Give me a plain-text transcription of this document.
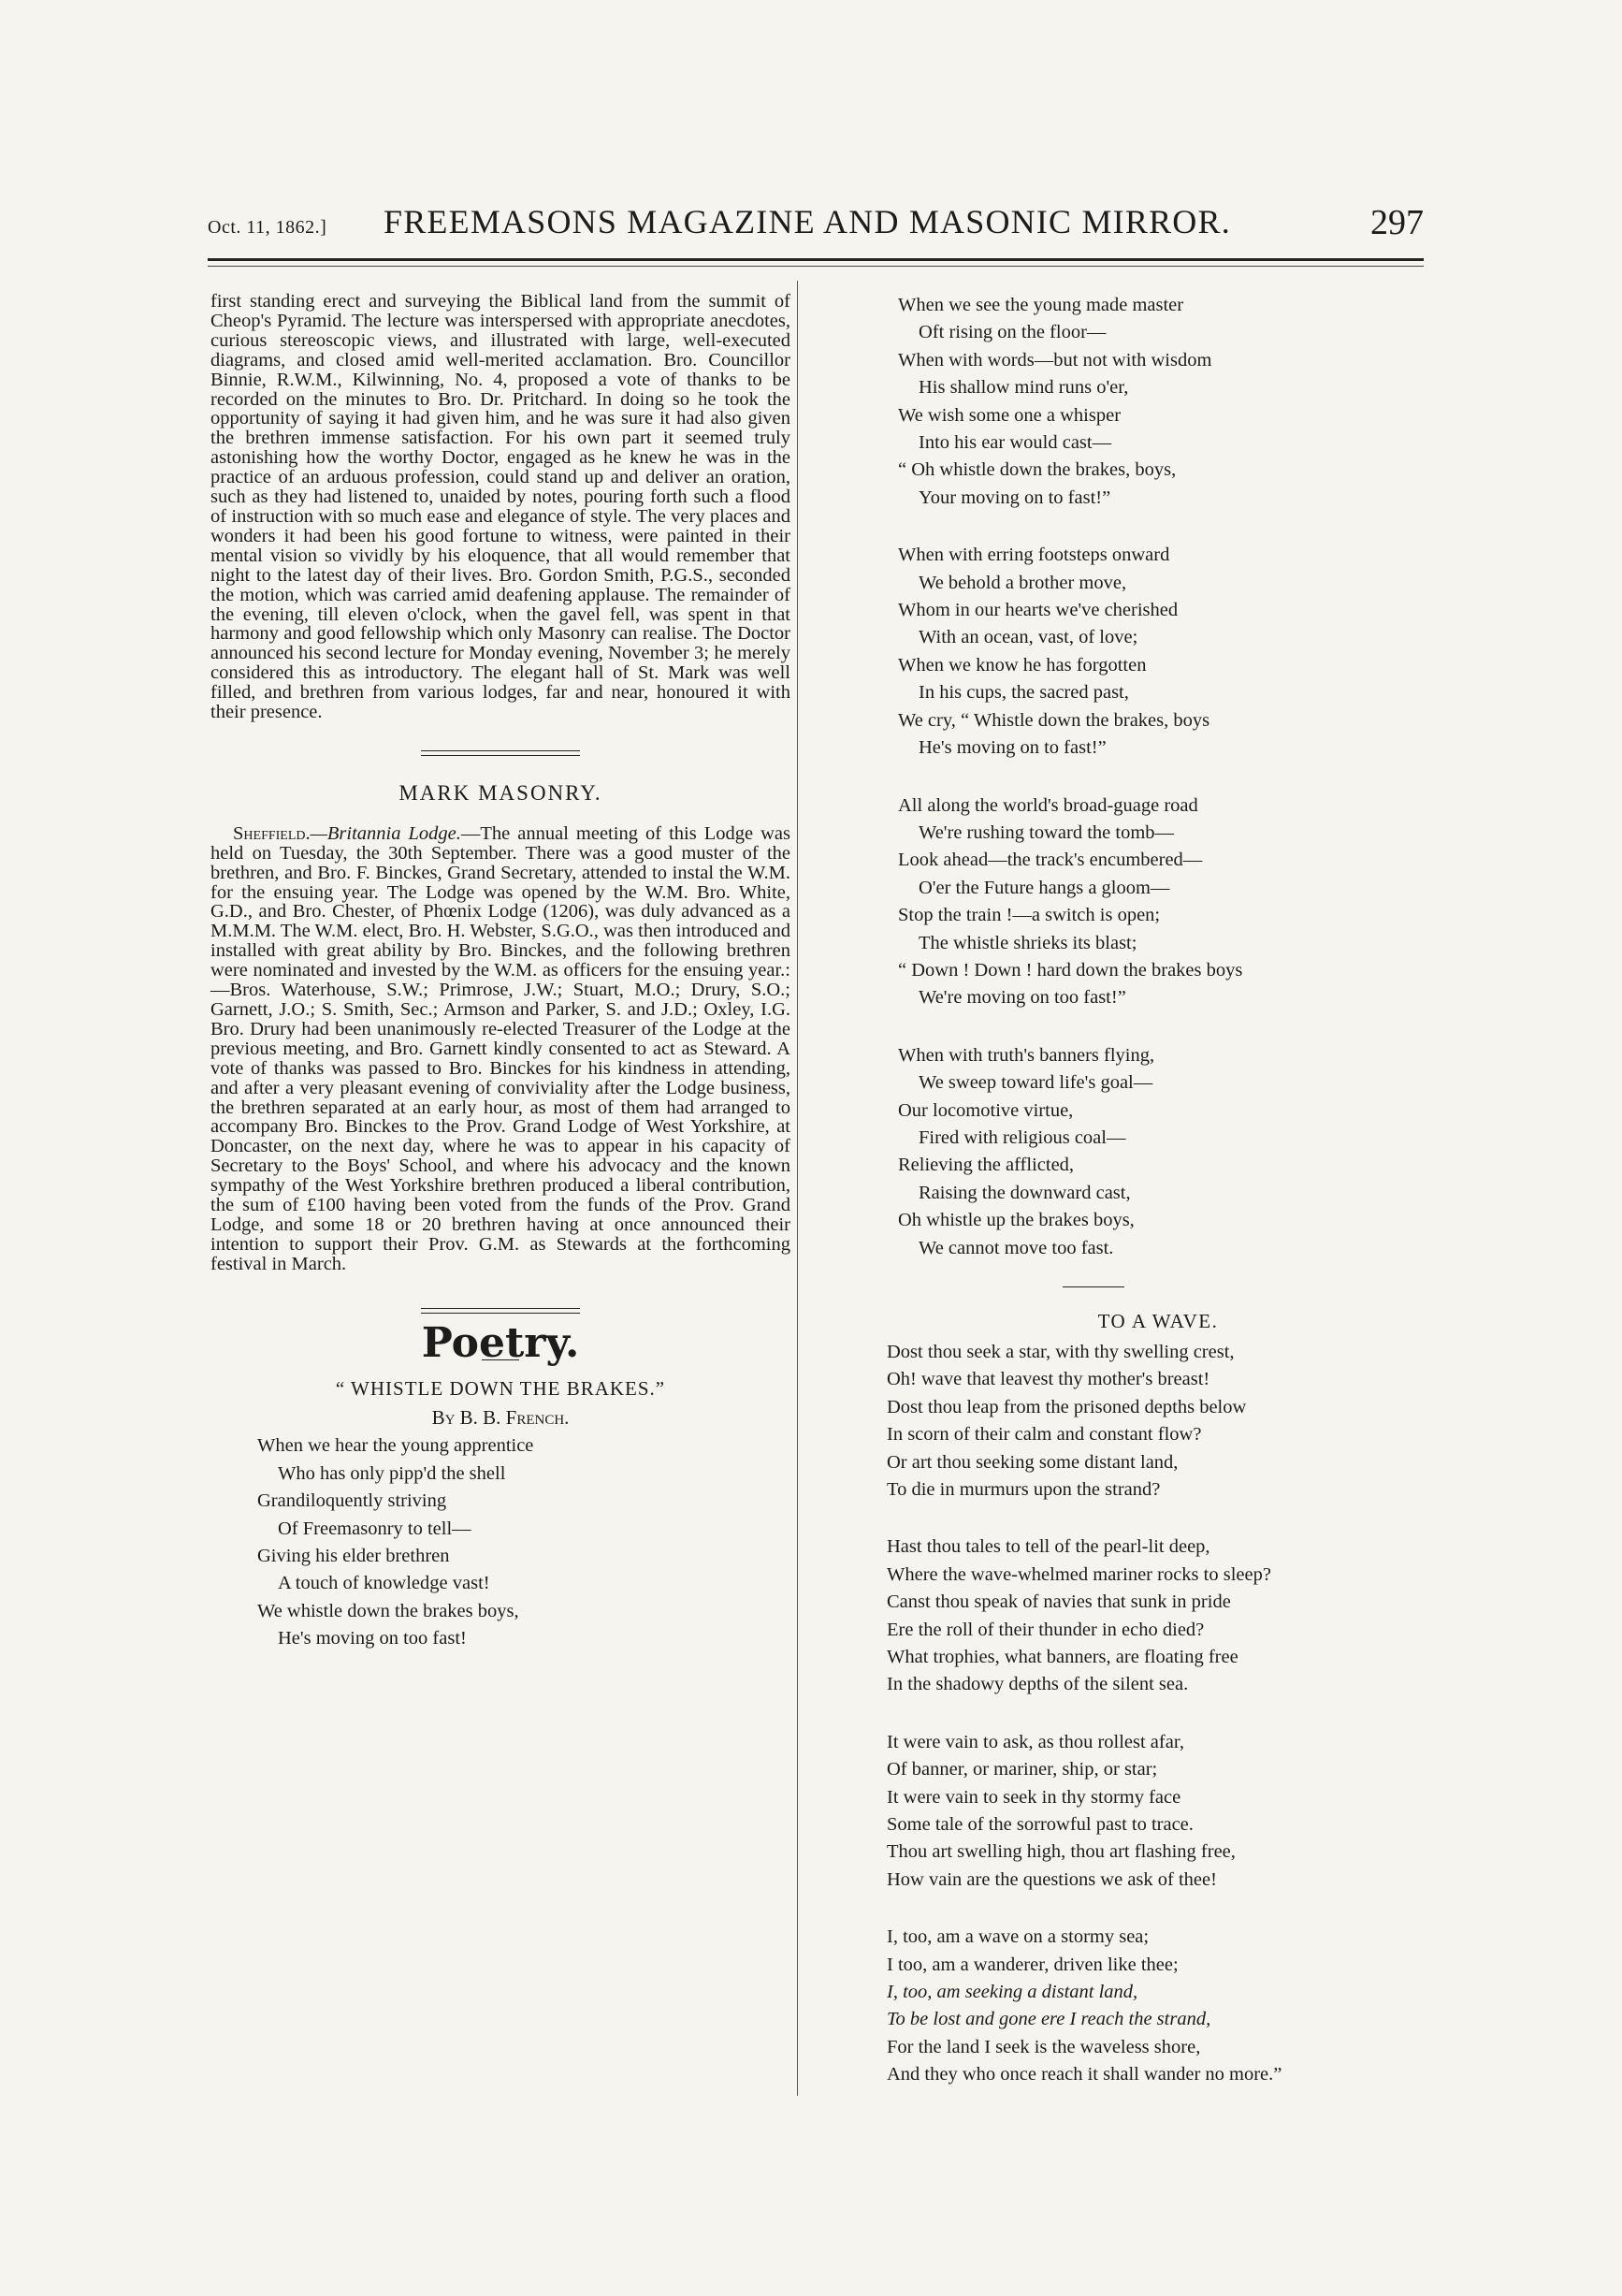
Oct. 11, 1862.] FREEMASONS MAGAZINE AND MASONIC MIRROR.	297

first standing erect and surveying the Biblical land from the summit of Cheop's Pyramid. The lecture was interspersed with appropriate anecdotes, curious stereoscopic views, and illustrated with large, well-executed diagrams, and closed amid well-merited acclamation. Bro. Councillor Binnie, R.W.M., Kilwinning, No. 4, proposed a vote of thanks to be recorded on the minutes to Bro. Dr. Pritchard. In doing so he took the opportunity of saying it had given him, and he was sure it had also given the brethren immense satisfaction. For his own part it seemed truly astonishing how the worthy Doctor, engaged as he knew he was in the practice of an arduous profession, could stand up and deliver an oration, such as they had listened to, unaided by notes, pouring forth such a flood of instruction with so much ease and elegance of style. The very places and wonders it had been his good fortune to witness, were painted in their mental vision so vividly by his eloquence, that all would remember that night to the latest day of their lives. Bro. Gordon Smith, P.G.S., seconded the motion, which was carried amid deafening applause. The remainder of the evening, till eleven o'clock, when the gavel fell, was spent in that harmony and good fellowship which only Masonry can realise. The Doctor announced his second lecture for Monday evening, November 3; he merely considered this as introductory. The elegant hall of St. Mark was well filled, and brethren from various lodges, far and near, honoured it with their presence.

MARK MASONRY.

Sheffield.—Britannia Lodge.—The annual meeting of this Lodge was held on Tuesday, the 30th September. There was a good muster of the brethren, and Bro. F. Binckes, Grand Secretary, attended to instal the W.M. for the ensuing year. The Lodge was opened by the W.M. Bro. White, G.D., and Bro. Chester, of Phœnix Lodge (1206), was duly advanced as a M.M.M. The W.M. elect, Bro. H. Webster, S.G.O., was then introduced and installed with great ability by Bro. Binckes, and the following brethren were nominated and invested by the W.M. as officers for the ensuing year.:—Bros. Waterhouse, S.W.; Primrose, J.W.; Stuart, M.O.; Drury, S.O.; Garnett, J.O.; S. Smith, Sec.; Armson and Parker, S. and J.D.; Oxley, I.G. Bro. Drury had been unanimously re-elected Treasurer of the Lodge at the previous meeting, and Bro. Garnett kindly consented to act as Steward. A vote of thanks was passed to Bro. Binckes for his kindness in attending, and after a very pleasant evening of conviviality after the Lodge business, the brethren separated at an early hour, as most of them had arranged to accompany Bro. Binckes to the Prov. Grand Lodge of West Yorkshire, at Doncaster, on the next day, where he was to appear in his capacity of Secretary to the Boys' School, and where his advocacy and the known sympathy of the West Yorkshire brethren produced a liberal contribution, the sum of £100 having been voted from the funds of the Prov. Grand Lodge, and some 18 or 20 brethren having at once announced their intention to support their Prov. G.M. as Stewards at the forthcoming festival in March.

Poetry.
“ WHISTLE DOWN THE BRAKES.”
By B. B. French.
When we hear the young apprentice
Who has only pipp'd the shell
Grandiloquently striving
Of Freemasonry to tell—
Giving his elder brethren
A touch of knowledge vast!
We whistle down the brakes boys,
He's moving on too fast!
When we see the young made master
Oft rising on the floor—
When with words—but not with wisdom
His shallow mind runs o'er,
We wish some one a whisper
Into his ear would cast—
“ Oh whistle down the brakes, boys,
Your moving on to fast!”
When with erring footsteps onward
We behold a brother move,
Whom in our hearts we've cherished
With an ocean, vast, of love;
When we know he has forgotten
In his cups, the sacred past,
We cry, “ Whistle down the brakes, boys
He's moving on to fast!”
All along the world's broad-guage road
We're rushing toward the tomb—
Look ahead—the track's encumbered—
O'er the Future hangs a gloom—
Stop the train !—a switch is open;
The whistle shrieks its blast;
“ Down ! Down ! hard down the brakes boys
We're moving on too fast!”
When with truth's banners flying,
We sweep toward life's goal—
Our locomotive virtue,
Fired with religious coal—
Relieving the afflicted,
Raising the downward cast,
Oh whistle up the brakes boys,
We cannot move too fast.
TO A WAVE.
Dost thou seek a star, with thy swelling crest,
Oh! wave that leavest thy mother's breast!
Dost thou leap from the prisoned depths below
In scorn of their calm and constant flow?
Or art thou seeking some distant land,
To die in murmurs upon the strand?
Hast thou tales to tell of the pearl-lit deep,
Where the wave-whelmed mariner rocks to sleep?
Canst thou speak of navies that sunk in pride
Ere the roll of their thunder in echo died?
What trophies, what banners, are floating free
In the shadowy depths of the silent sea.
It were vain to ask, as thou rollest afar,
Of banner, or mariner, ship, or star;
It were vain to seek in thy stormy face
Some tale of the sorrowful past to trace.
Thou art swelling high, thou art flashing free,
How vain are the questions we ask of thee!
I, too, am a wave on a stormy sea;
I too, am a wanderer, driven like thee;
I, too, am seeking a distant land,
To be lost and gone ere I reach the strand,
For the land I seek is the waveless shore,
And they who once reach it shall wander no more.”
